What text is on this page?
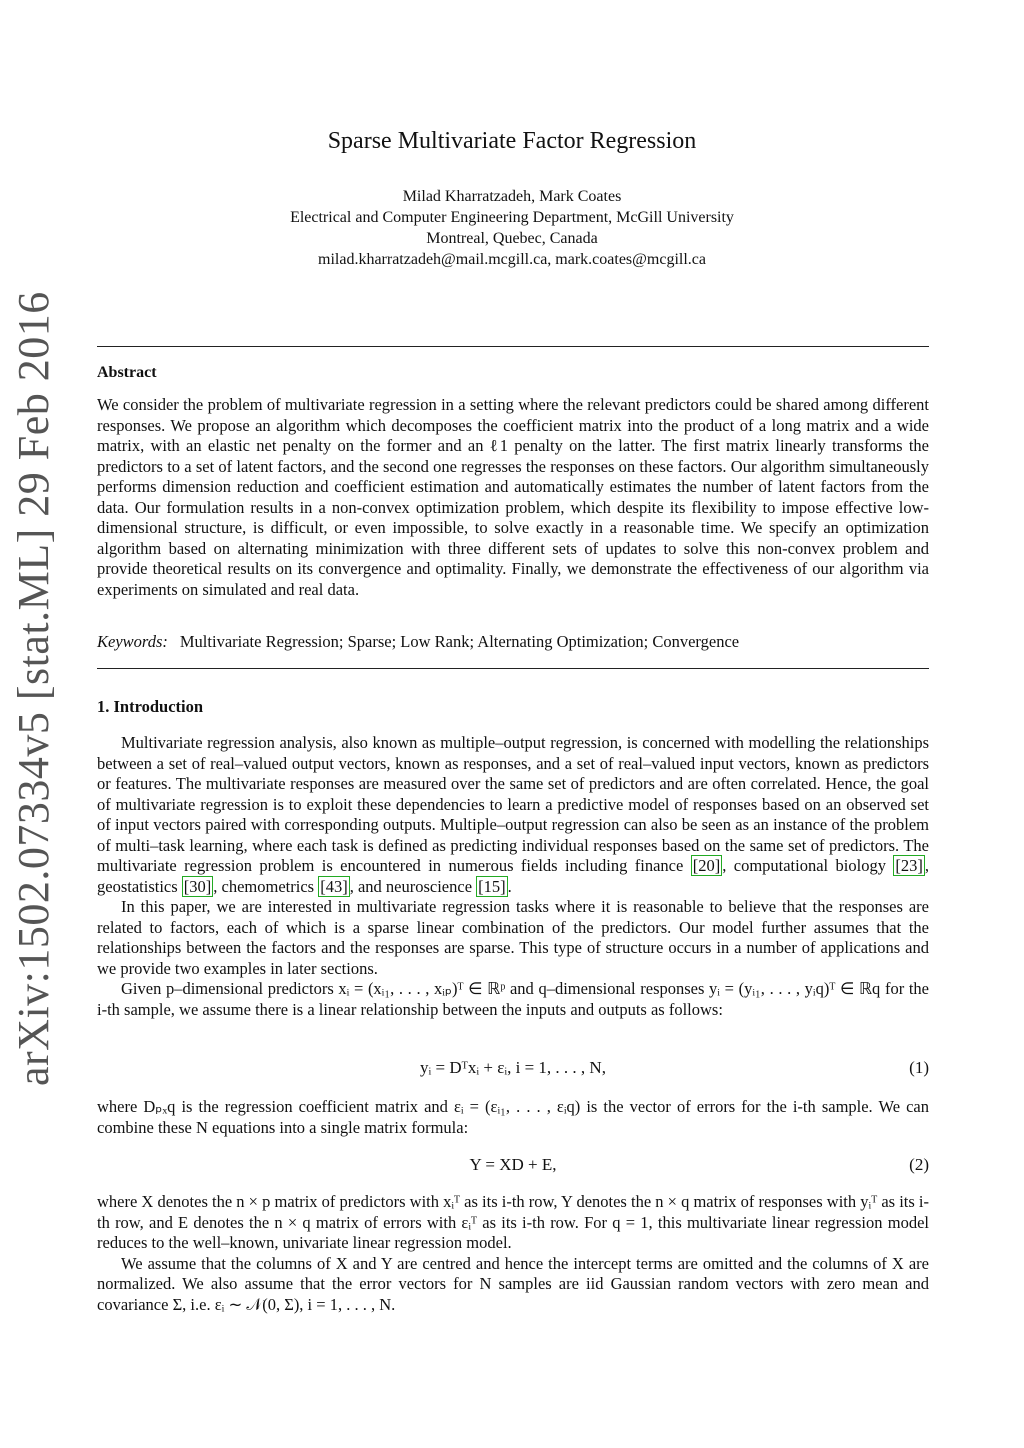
arXiv:1502.07334v5 [stat.ML] 29 Feb 2016
Sparse Multivariate Factor Regression
Milad Kharratzadeh, Mark Coates
Electrical and Computer Engineering Department, McGill University
Montreal, Quebec, Canada
milad.kharratzadeh@mail.mcgill.ca, mark.coates@mcgill.ca
Abstract

We consider the problem of multivariate regression in a setting where the relevant predictors could be shared among different responses. We propose an algorithm which decomposes the coefficient matrix into the product of a long matrix and a wide matrix, with an elastic net penalty on the former and an ℓ1 penalty on the latter. The first matrix linearly transforms the predictors to a set of latent factors, and the second one regresses the responses on these factors. Our algorithm simultaneously performs dimension reduction and coefficient estimation and automatically estimates the number of latent factors from the data. Our formulation results in a non-convex optimization problem, which despite its flexibility to impose effective low-dimensional structure, is difficult, or even impossible, to solve exactly in a reasonable time. We specify an optimization algorithm based on alternating minimization with three different sets of updates to solve this non-convex problem and provide theoretical results on its convergence and optimality. Finally, we demonstrate the effectiveness of our algorithm via experiments on simulated and real data.

Keywords: Multivariate Regression; Sparse; Low Rank; Alternating Optimization; Convergence
1. Introduction

Multivariate regression analysis, also known as multiple–output regression, is concerned with modelling the relationships between a set of real–valued output vectors, known as responses, and a set of real–valued input vectors, known as predictors or features. The multivariate responses are measured over the same set of predictors and are often correlated. Hence, the goal of multivariate regression is to exploit these dependencies to learn a predictive model of responses based on an observed set of input vectors paired with corresponding outputs. Multiple–output regression can also be seen as an instance of the problem of multi–task learning, where each task is defined as predicting individual responses based on the same set of predictors. The multivariate regression problem is encountered in numerous fields including finance [20] , computational biology [23] , geostatistics [30] , chemometrics [43] , and neuroscience [15] .

In this paper, we are interested in multivariate regression tasks where it is reasonable to believe that the responses are related to factors, each of which is a sparse linear combination of the predictors. Our model further assumes that the relationships between the factors and the responses are sparse. This type of structure occurs in a number of applications and we provide two examples in later sections.

Given p–dimensional predictors xᵢ = (xᵢ₁, . . . , xᵢₚ)ᵀ ∈ ℝᵖ and q–dimensional responses yᵢ = (yᵢ₁, . . . , yᵢq)ᵀ ∈ ℝq for the i-th sample, we assume there is a linear relationship between the inputs and outputs as follows:

yᵢ = Dᵀxᵢ + εᵢ, i = 1, . . . , N,	(1)

where Dₚₓq is the regression coefficient matrix and εᵢ = (εᵢ₁, . . . , εᵢq) is the vector of errors for the i-th sample. We can combine these N equations into a single matrix formula:

Y = XD + E,	(2)

where X denotes the n × p matrix of predictors with xᵢᵀ as its i-th row, Y denotes the n × q matrix of responses with yᵢᵀ as its i-th row, and E denotes the n × q matrix of errors with εᵢᵀ as its i-th row. For q = 1, this multivariate linear regression model reduces to the well–known, univariate linear regression model.

We assume that the columns of X and Y are centred and hence the intercept terms are omitted and the columns of X are normalized. We also assume that the error vectors for N samples are iid Gaussian random vectors with zero mean and covariance Σ, i.e. εᵢ ∼ 𝒩(0, Σ), i = 1, . . . , N.
